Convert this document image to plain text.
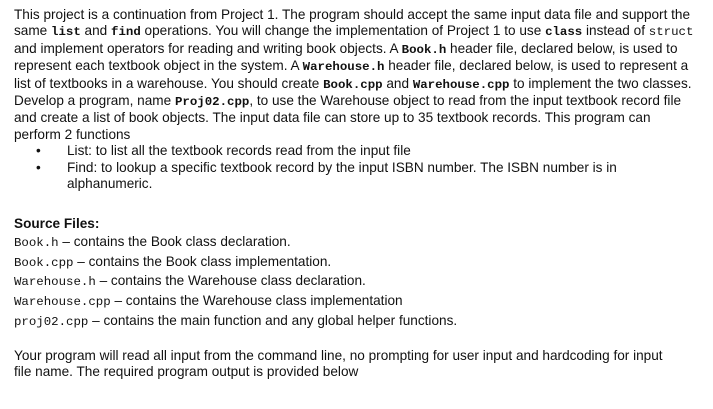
This project is a continuation from Project 1. The program should accept the same input data file and support the same list and find operations. You will change the implementation of Project 1 to use class instead of struct and implement operators for reading and writing book objects. A Book.h header file, declared below, is used to represent each textbook object in the system. A Warehouse.h header file, declared below, is used to represent a list of textbooks in a warehouse. You should create Book.cpp and Warehouse.cpp to implement the two classes. Develop a program, name Proj02.cpp, to use the Warehouse object to read from the input textbook record file and create a list of book objects. The input data file can store up to 35 textbook records. This program can perform 2 functions

• List: to list all the textbook records read from the input file
• Find: to lookup a specific textbook record by the input ISBN number. The ISBN number is in alphanumeric.

Source Files:

Book.h – contains the Book class declaration.
Book.cpp – contains the Book class implementation.
Warehouse.h – contains the Warehouse class declaration.
Warehouse.cpp – contains the Warehouse class implementation
proj02.cpp – contains the main function and any global helper functions.

Your program will read all input from the command line, no prompting for user input and hardcoding for input file name. The required program output is provided below
